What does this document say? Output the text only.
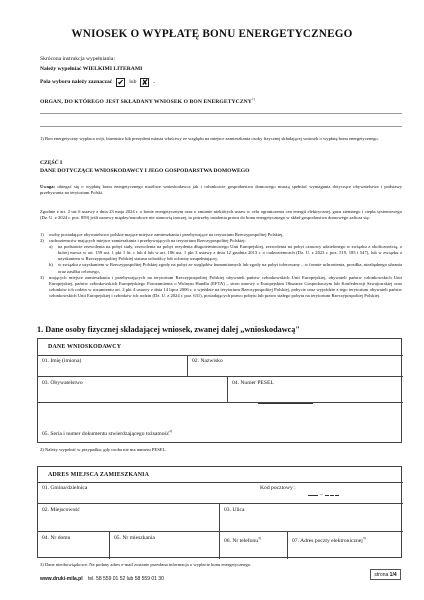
WNIOSEK O WYPŁATĘ BONU ENERGETYCZNEGO
Skrócona instrukcja wypełniania:
Należy wypełniać WIELKIMI LITERAMI
Pola wyboru należy zaznaczać ✔ lub ✘ .
ORGAN, DO KTÓREGO JEST SKŁADANY WNIOSEK O BON ENERGETYCZNY$^{1)}$
1) Bon energetyczny wypłaca wójt, burmistrz lub prezydent miasta właściwy ze względu na miejsce zamieszkania osoby fizycznej składającej wniosek o wypłatę bonu energetycznego.
CZĘŚĆ I
DANE DOTYCZĄCE WNIOSKODAWCY I JEGO GOSPODARSTWA DOMOWEGO
Uwaga: ubiegać się o wypłatę bonu energetycznego możliwe wnioskodawca jak i członkowie gospodarstwa domowego muszą spełniać wymagania dotyczące obywatelstwa i podstawy przebywania na terytorium Polski.
Zgodnie z art. 2 ust 6 ustawy z dnia 23 maja 2024 r. o bonie energetycznym oraz o zmianie niektórych ustaw w celu ograniczenia cen energii elektrycznej, gazu ziemnego i ciepła systemowego (Dz. U. z 2024 r. poz. 859) jeśli uznowy między/narodowe nie stanowią inaczej, to potrzeby ustalenia prawa do bonu energetycznego w skład gospodarstwa domowego zalicza się:
1)	osoby posiadające obywatelstwo polskie mające miejsce zamieszkania i przebywające na terytorium Rzeczypospolitej Polskiej,
2)	cudzoziemców mających miejsce zamieszkania i przebywających na terytorium Rzeczypospolitej Polskiej:
a)	na podstawie zezwolenia na pobyt stały, zezwolenia na pobyt rezydenta długoterminowego Unii Europejskiej, zezwolenia na pobyt czasowy udzielonego w związku z okolicznością, o której mowa w art. 159 ust. 1 pkt 1 lit. c lub d lub w art. 186 ust. 1 pkt 3 ustawy z dnia 12 grudnia 2013 r. o cudzoziemcach (Dz. U. z 2023 r. poz. 519, 185 i 547), lub w związku z uzyskaniem w Rzeczypospolitej Polskiej statusu uchodźcy lub ochrony uzupełniającej,
b)	w związku z uzyskaniem w Rzeczypospolitej Polskiej zgody na pobyt ze względów humanitarnych lub zgody na pobyt tolerowany – w formie uchronienia, prosiłka, niezbędnego uhrania oraz zasiłku celowego,
3)	mających miejsce zamieszkania i przebywających na terytorium Rzeczypospolitej Polskiej obywateli państw członkowskich Unii Europejskiej, obywateli państw członkowskich Unii Europejskiej, państw członkowskich Europejskiego Porozumienia o Wolnym Handlu (EFTA) – stron umowy o Europejskim Obszarze Gospodarczym lub Konfederacji Szwajcarskiej oraz członków ich rodzin w rozumieniu art. 2 pkt 4 ustawy z dnia 14 lipca 2006 r. o wjeździe na terytorium Rzeczypospolitej Polskiej, pobycie oraz wyjeździe z tego terytorium obywateli państw członkowskich Unii Europejskiej i członków ich rodzin (Dz. U. z 2024 r. poz. 631), posiadających prawo pobytu lub prawo stałego pobytu na terytorium Rzeczypospolitej Polskiej.
1. Dane osoby fizycznej składającej wniosek, zwanej dalej „wnioskodawcą"
DANE WNIOSKODAWCY
01. Imię (imiona)	02. Nazwisko
03. Obywatelstwo	04. Numer PESEL
05. Seria i numer dokumentu stwierdzającego tożsamość$^{2)}$
2) Należy wypełnić w przypadku, gdy osoba nie ma numeru PESEL.
ADRES MIEJSCA ZAMIESZKANIA
01. Gmina/dzielnica	Kod pocztowy :
–
02. Miejscowość	03. Ulica
04. Nr domu	05. Nr mieszkania	06. Nr telefonu$^{3)}$	07. Adres poczty elektronicznej$^{3)}$
3) Dane nieobowiązkowe. Na podany adres e-mail zostanie przesłana informacja o wypłacie bonu energetycznego.
www.druki-mila.pl tel. 58 559 01 52 lub 58 559 01 30
strona 1/4
